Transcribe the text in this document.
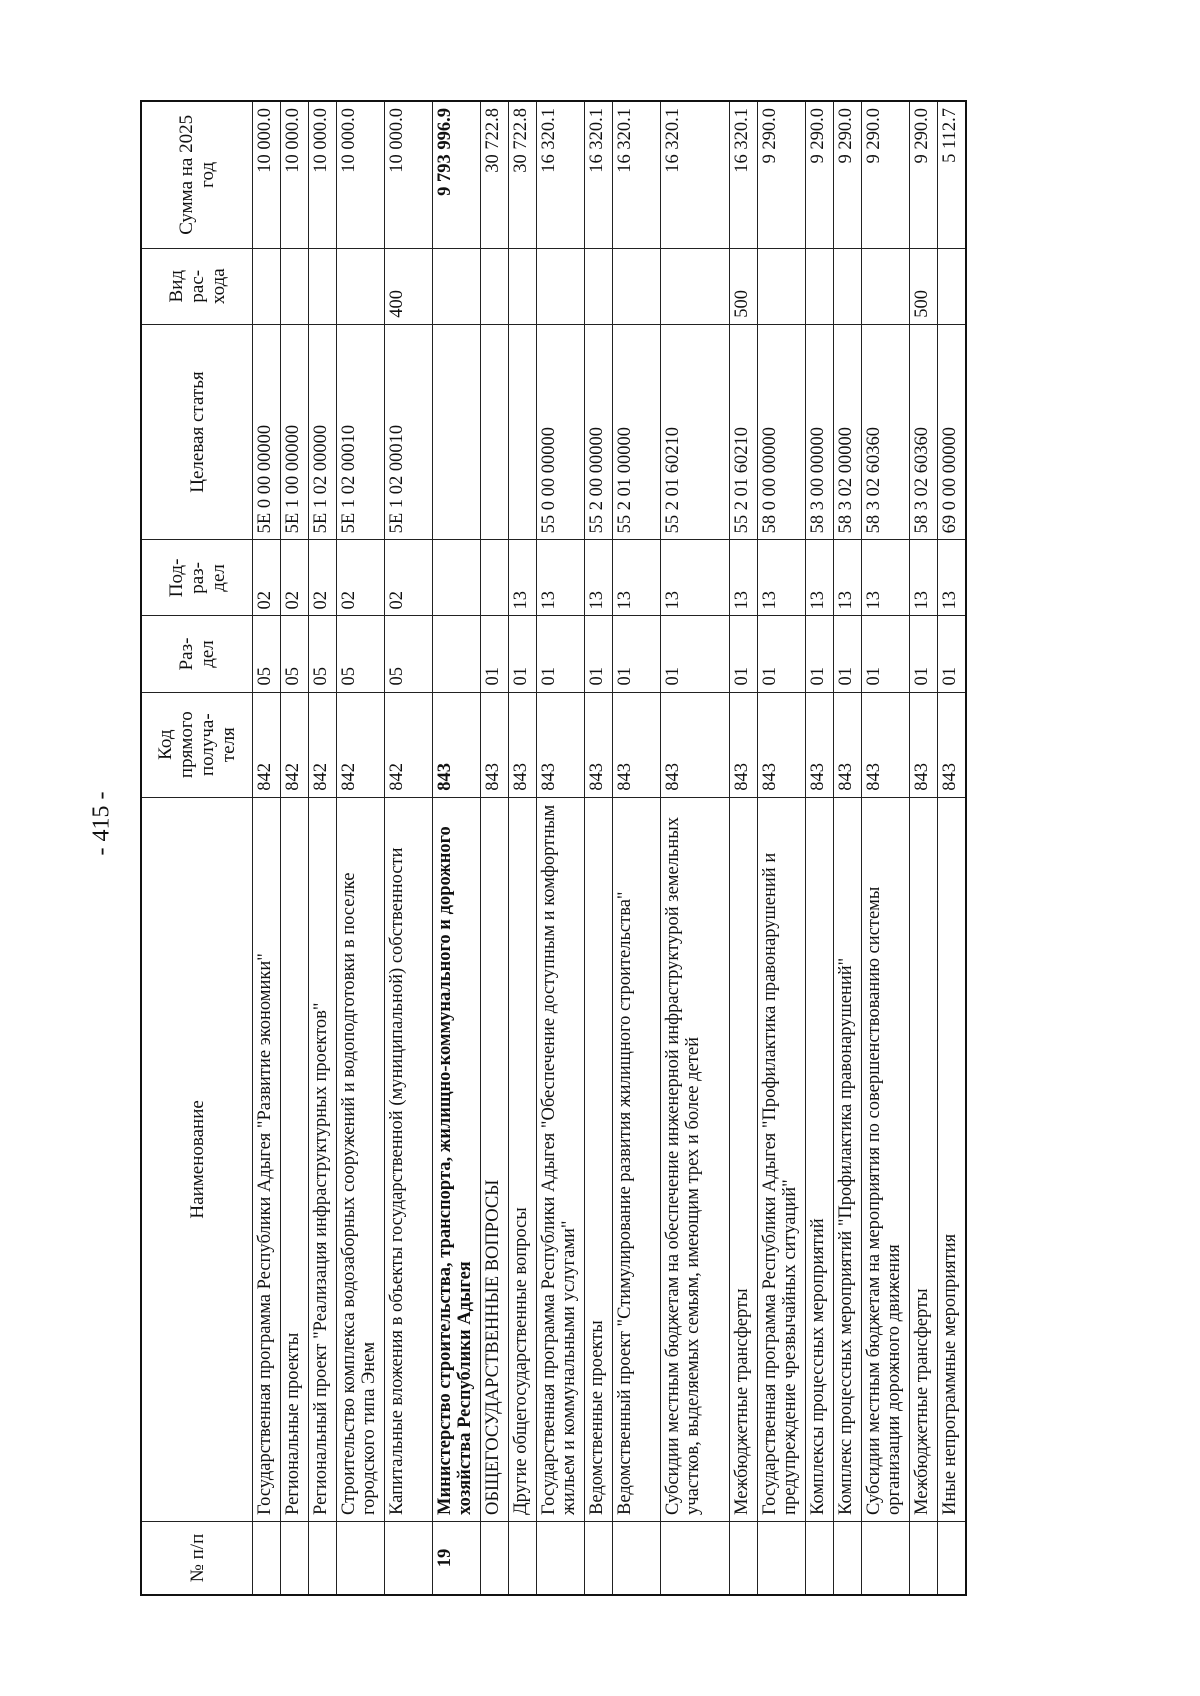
- 415 -
№ п/п	Наименование	Код прямого получа- теля	Раз- дел	Под- раз- дел	Целевая статья	Вид рас- хода	Сумма на 2025 год
	Государственная программа Республики Адыгея "Развитие экономики"	842	05	02	5Е 0 00 00000		10 000.0
	Региональные проекты	842	05	02	5Е 1 00 00000		10 000.0
	Региональный проект "Реализация инфраструктурных проектов"	842	05	02	5Е 1 02 00000		10 000.0
	Строительство комплекса водозаборных сооружений и водоподготовки в поселке городского типа Энем	842	05	02	5Е 1 02 00010		10 000.0
	Капитальные вложения в объекты государственной (муниципальной) собственности	842	05	02	5Е 1 02 00010	400	10 000.0
19	Министерство строительства, транспорта, жилищно-коммунального и дорожного хозяйства Республики Адыгея	843					9 793 996.9
	ОБЩЕГОСУДАРСТВЕННЫЕ ВОПРОСЫ	843	01				30 722.8
	Другие общегосударственные вопросы	843	01	13			30 722.8
	Государственная программа Республики Адыгея "Обеспечение доступным и комфортным жильем и коммунальными услугами"	843	01	13	55 0 00 00000		16 320.1
	Ведомственные проекты	843	01	13	55 2 00 00000		16 320.1
	Ведомственный проект "Стимулирование развития жилищного строительства"	843	01	13	55 2 01 00000		16 320.1
	Субсидии местным бюджетам на обеспечение инженерной инфраструктурой земельных участков, выделяемых семьям, имеющим трех и более детей	843	01	13	55 2 01 60210		16 320.1
	Межбюджетные трансферты	843	01	13	55 2 01 60210	500	16 320.1
	Государственная программа Республики Адыгея "Профилактика правонарушений и предупреждение чрезвычайных ситуаций"	843	01	13	58 0 00 00000		9 290.0
	Комплексы процессных мероприятий	843	01	13	58 3 00 00000		9 290.0
	Комплекс процессных мероприятий "Профилактика правонарушений"	843	01	13	58 3 02 00000		9 290.0
	Субсидии местным бюджетам на мероприятия по совершенствованию системы организации дорожного движения	843	01	13	58 3 02 60360		9 290.0
	Межбюджетные трансферты	843	01	13	58 3 02 60360	500	9 290.0
	Иные непрограммные мероприятия	843	01	13	69 0 00 00000		5 112.7
